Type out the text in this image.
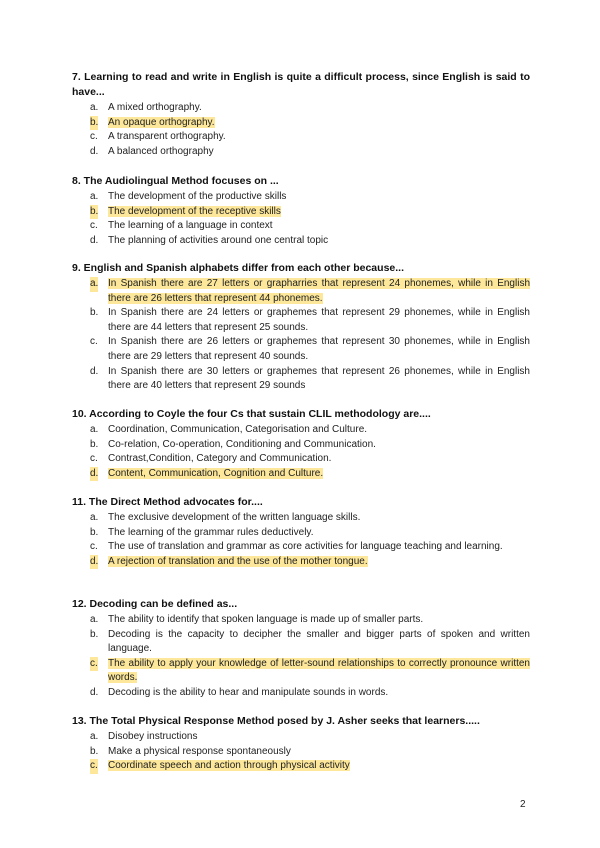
7. Learning to read and write in English is quite a difficult process, since English is said to have...

a. A mixed orthography.
b. An opaque orthography.
c. A transparent orthography.
d. A balanced orthography

8. The Audiolingual Method focuses on ...

a. The development of the productive skills
b. The development of the receptive skills
c. The learning of a language in context
d. The planning of activities around one central topic

9. English and Spanish alphabets differ from each other because...

a. In Spanish there are 27 letters or grapharries that represent 24 phonemes, while in English there are 26 letters that represent 44 phonemes.
b. In Spanish there are 24 letters or graphemes that represent 29 phonemes, while in English there are 44 letters that represent 25 sounds.
c. In Spanish there are 26 letters or graphemes that represent 30 phonemes, while in English there are 29 letters that represent 40 sounds.
d. In Spanish there are 30 letters or graphemes that represent 26 phonemes, while in English there are 40 letters that represent 29 sounds

10. According to Coyle the four Cs that sustain CLIL methodology are....

a. Coordination, Communication, Categorisation and Culture.
b. Co-relation, Co-operation, Conditioning and Communication.
c. Contrast,Condition, Category and Communication.
d. Content, Communication, Cognition and Culture.

11. The Direct Method advocates for....

a. The exclusive development of the written language skills.
b. The learning of the grammar rules deductively.
c. The use of translation and grammar as core activities for language teaching and learning.
d. A rejection of translation and the use of the mother tongue.

12. Decoding can be defined as...

a. The ability to identify that spoken language is made up of smaller parts.
b. Decoding is the capacity to decipher the smaller and bigger parts of spoken and written language.
c. The ability to apply your knowledge of letter-sound relationships to correctly pronounce written words.
d. Decoding is the ability to hear and manipulate sounds in words.

13. The Total Physical Response Method posed by J. Asher seeks that learners.....

a. Disobey instructions
b. Make a physical response spontaneously
c. Coordinate speech and action through physical activity
2
